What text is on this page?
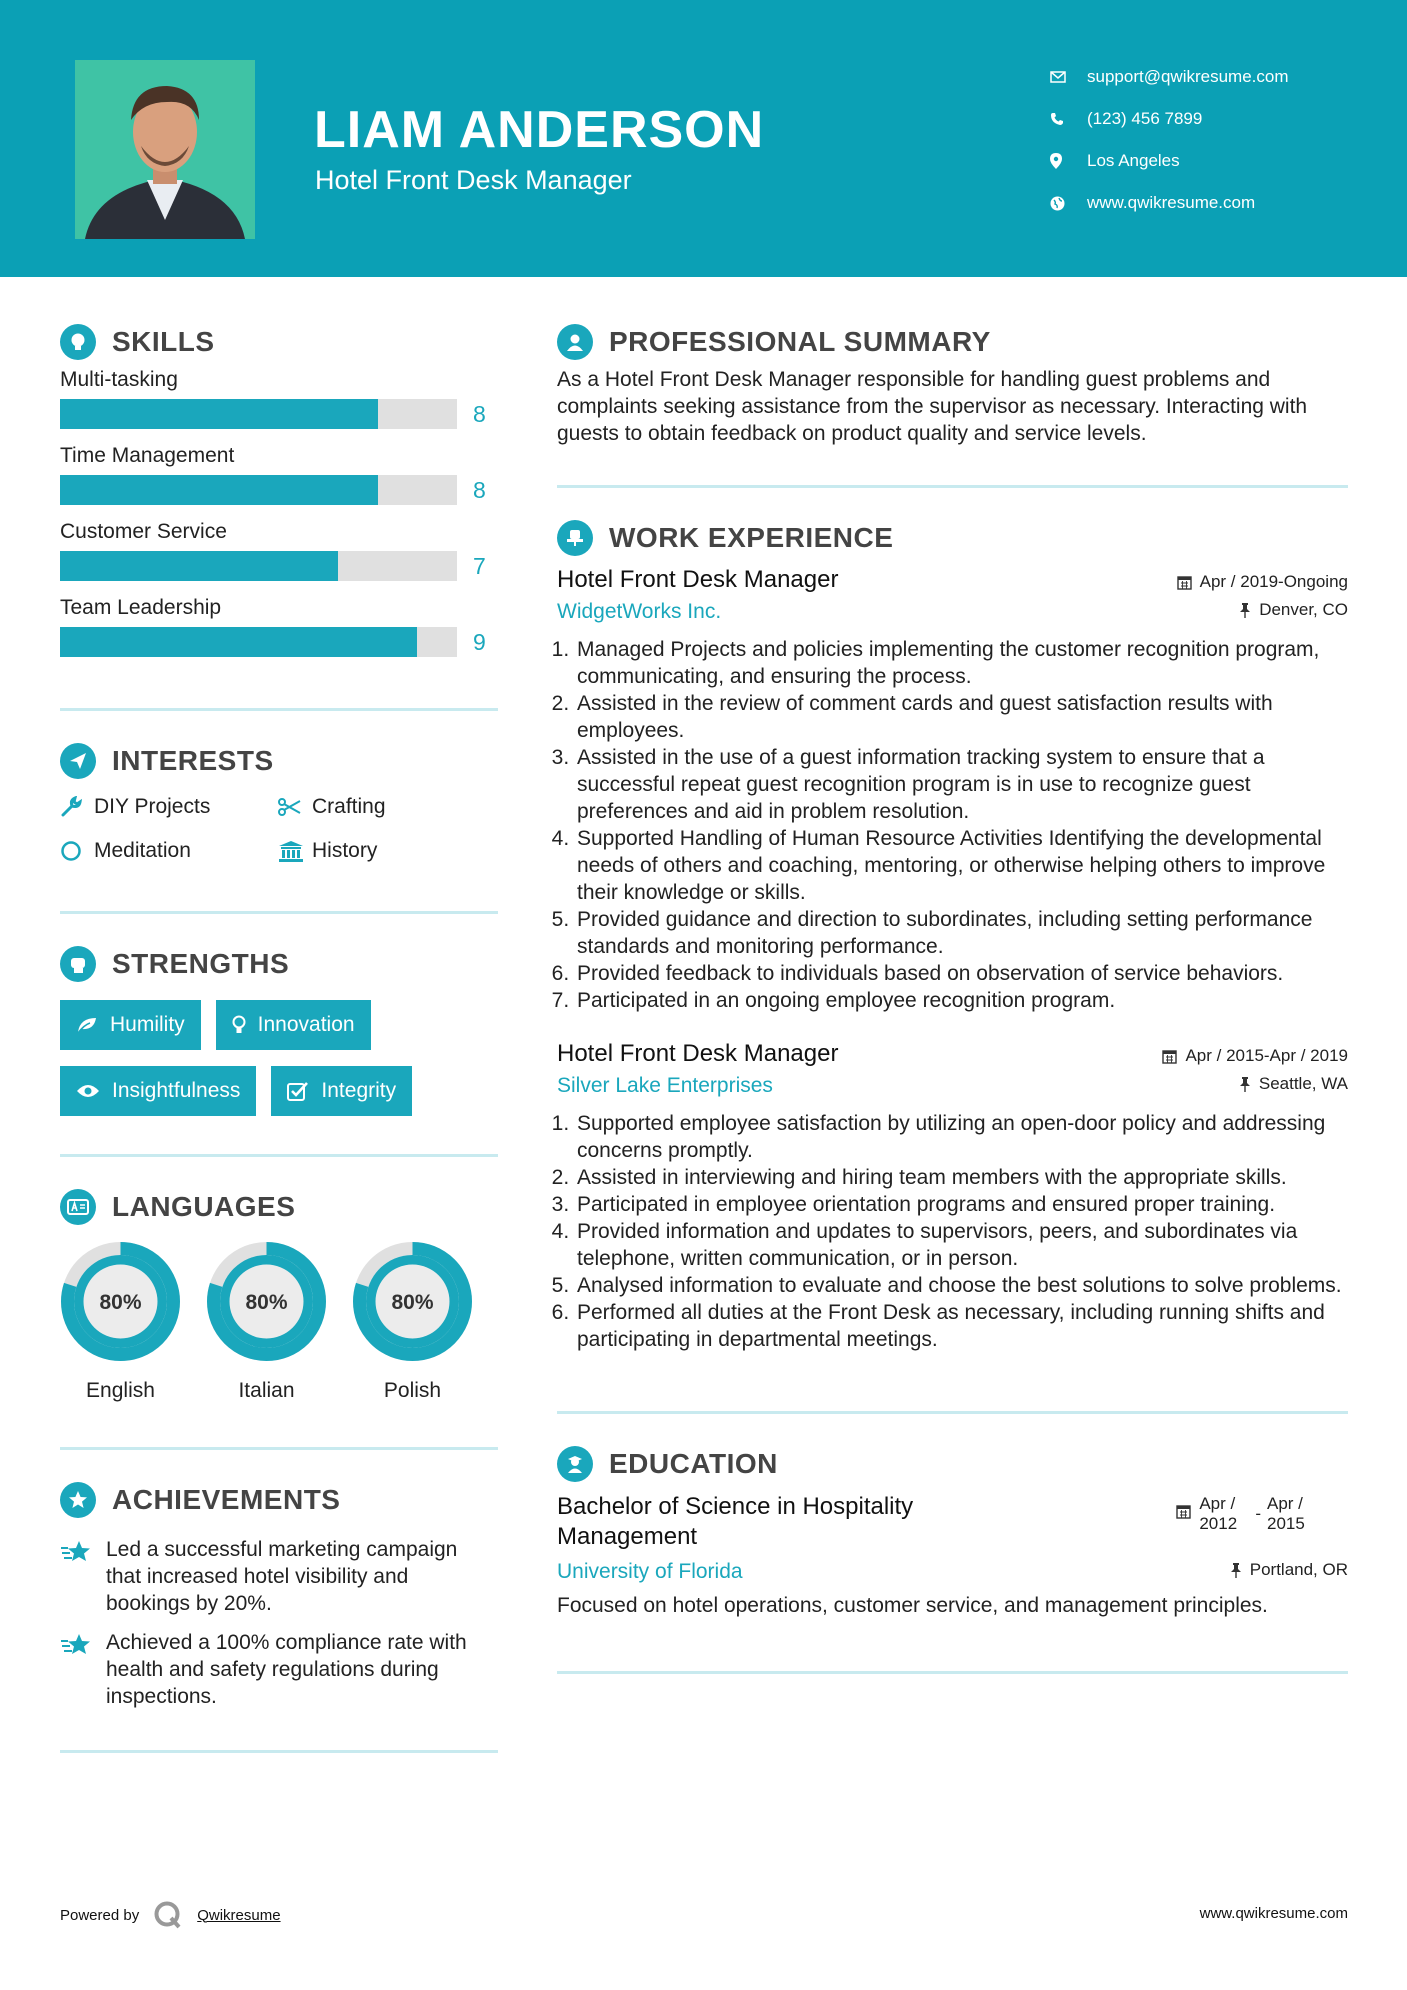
LIAM ANDERSON
Hotel Front Desk Manager
support@qwikresume.com
(123) 456 7899
Los Angeles
www.qwikresume.com
SKILLS
Multi-tasking
8
Time Management
8
Customer Service
7
Team Leadership
9
INTERESTS
DIY Projects	Crafting
Meditation	History
STRENGTHS
Humility	Innovation
Insightfulness	Integrity
LANGUAGES
80%
English
80%
Italian
80%
Polish
ACHIEVEMENTS
Led a successful marketing campaign that increased hotel visibility and bookings by 20%.
Achieved a 100% compliance rate with health and safety regulations during inspections.
PROFESSIONAL SUMMARY

As a Hotel Front Desk Manager responsible for handling guest problems and complaints seeking assistance from the supervisor as necessary. Interacting with guests to obtain feedback on product quality and service levels.

WORK EXPERIENCE
Hotel Front Desk Manager	Apr / 2019-Ongoing
WidgetWorks Inc.	Denver, CO
1. Managed Projects and policies implementing the customer recognition program, communicating, and ensuring the process.
2. Assisted in the review of comment cards and guest satisfaction results with employees.
3. Assisted in the use of a guest information tracking system to ensure that a successful repeat guest recognition program is in use to recognize guest preferences and aid in problem resolution.
4. Supported Handling of Human Resource Activities Identifying the developmental needs of others and coaching, mentoring, or otherwise helping others to improve their knowledge or skills.
5. Provided guidance and direction to subordinates, including setting performance standards and monitoring performance.
6. Provided feedback to individuals based on observation of service behaviors.
7. Participated in an ongoing employee recognition program.
Hotel Front Desk Manager	Apr / 2015-Apr / 2019
Silver Lake Enterprises	Seattle, WA
1. Supported employee satisfaction by utilizing an open-door policy and addressing concerns promptly.
2. Assisted in interviewing and hiring team members with the appropriate skills.
3. Participated in employee orientation programs and ensured proper training.
4. Provided information and updates to supervisors, peers, and subordinates via telephone, written communication, or in person.
5. Analysed information to evaluate and choose the best solutions to solve problems.
6. Performed all duties at the Front Desk as necessary, including running shifts and participating in departmental meetings.
EDUCATION
Bachelor of Science in Hospitality Management
Apr / 2012
-
Apr / 2015
University of Florida	Portland, OR

Focused on hotel operations, customer service, and management principles.

Powered by	Qwikresume	www.qwikresume.com
